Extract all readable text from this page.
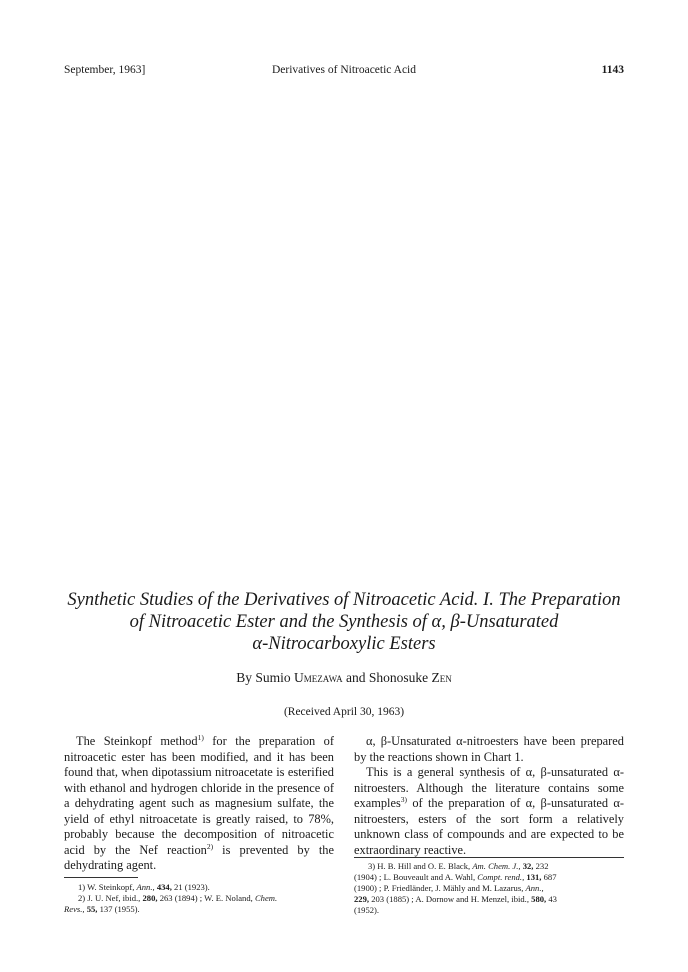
September, 1963]	Derivatives of Nitroacetic Acid	1143
Synthetic Studies of the Derivatives of Nitroacetic Acid. I. The Preparation
of Nitroacetic Ester and the Synthesis of α, β-Unsaturated
α-Nitrocarboxylic Esters
By Sumio Umezawa and Shonosuke Zen
(Received April 30, 1963)

The Steinkopf method$^{1)}$ for the preparation of nitroacetic ester has been modified, and it has been found that, when dipotassium nitroacetate is esterified with ethanol and hydrogen chloride in the presence of a dehydrating agent such as magnesium sulfate, the yield of ethyl nitroacetate is greatly raised, to 78%, probably because the decomposition of nitroacetic acid by the Nef reaction$^{2)}$ is prevented by the dehydrating agent.

α, β-Unsaturated α-nitroesters have been prepared by the reactions shown in Chart 1.

This is a general synthesis of α, β-unsaturated α-nitroesters. Although the literature contains some examples$^{3)}$ of the preparation of α, β-unsaturated α-nitroesters, esters of the sort form a relatively unknown class of compounds and are expected to be extraordinary reactive.

1) W. Steinkopf, Ann., 434, 21 (1923).
2) J. U. Nef, ibid., 280, 263 (1894) ; W. E. Noland, Chem.
Revs., 55, 137 (1955).
3) H. B. Hill and O. E. Black, Am. Chem. J., 32, 232
(1904) ; L. Bouveault and A. Wahl, Compt. rend., 131, 687
(1900) ; P. Friedländer, J. Mähly and M. Lazarus, Ann.,
229, 203 (1885) ; A. Dornow and H. Menzel, ibid., 580, 43
(1952).
